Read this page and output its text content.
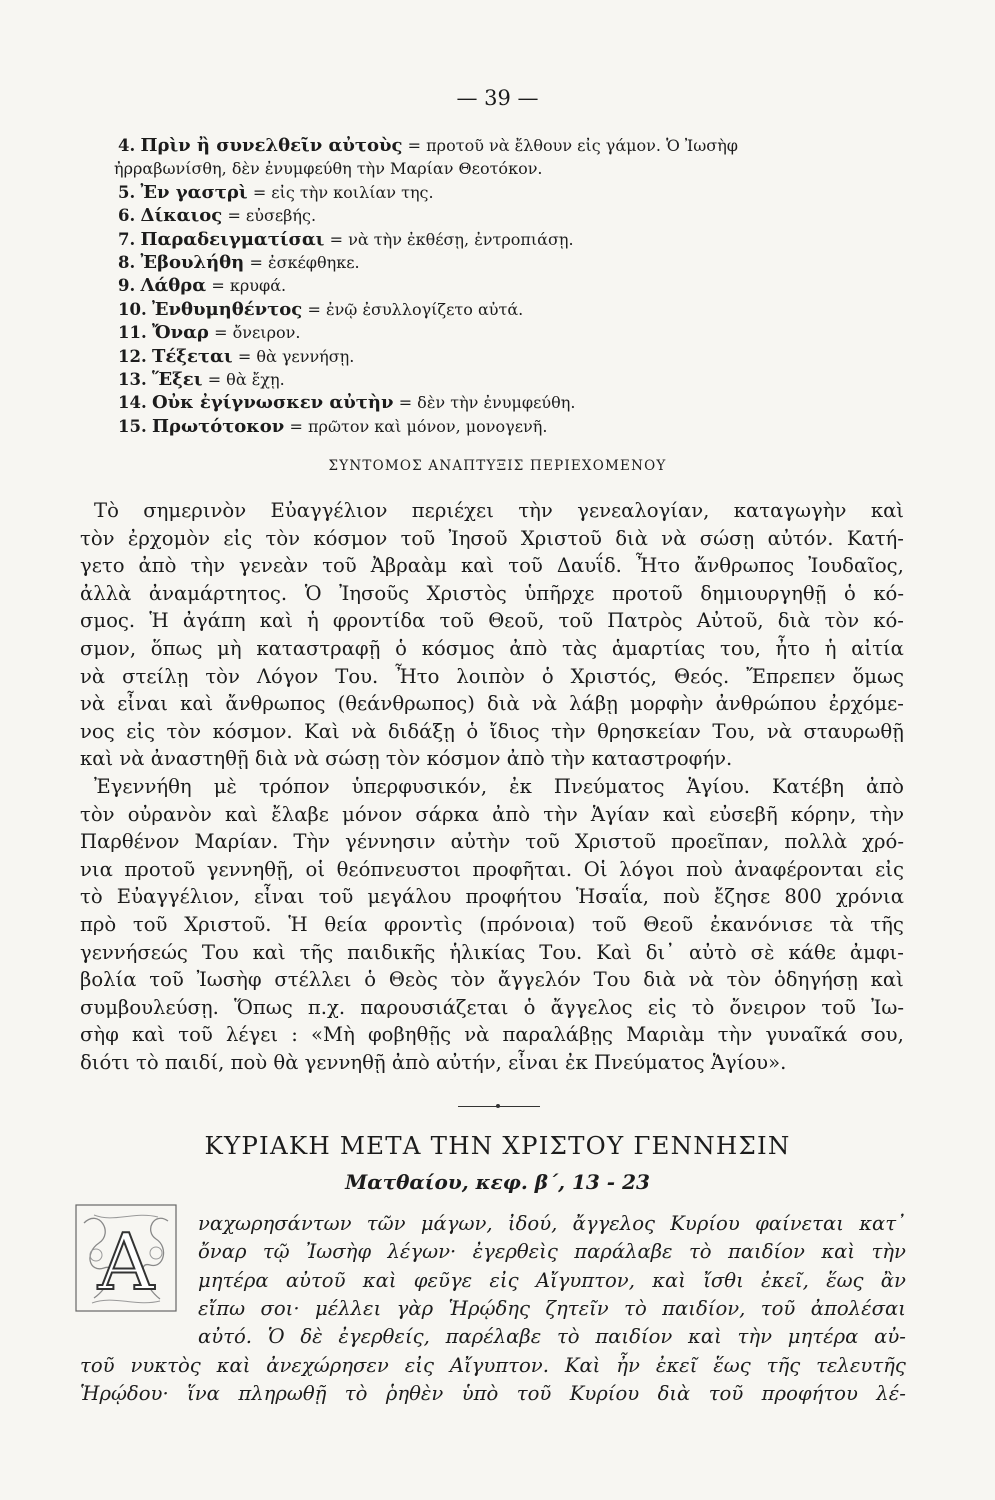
— 39 —
4. Πρὶν ἢ συνελθεῖν αὐτοὺς = προτοῦ νὰ ἔλθουν εἰς γάμον. Ὁ Ἰωσὴφ
ἠρραβωνίσθη, δὲν ἐνυμφεύθη τὴν Μαρίαν Θεοτόκον.
5. Ἐν γαστρὶ = εἰς τὴν κοιλίαν της.
6. Δίκαιος = εὐσεβής.
7. Παραδειγματίσαι = νὰ τὴν ἐκθέσῃ, ἐντροπιάσῃ.
8. Ἐβουλήθη = ἐσκέφθηκε.
9. Λάθρα = κρυφά.
10. Ἐνθυμηθέντος = ἐνῷ ἐσυλλογίζετο αὐτά.
11. Ὄναρ = ὄνειρον.
12. Τέξεται = θὰ γεννήσῃ.
13. Ἕξει = θὰ ἔχῃ.
14. Οὐκ ἐγίγνωσκεν αὐτὴν = δὲν τὴν ἐνυμφεύθη.
15. Πρωτότοκον = πρῶτον καὶ μόνον, μονογενῆ.
ΣΥΝΤΟΜΟΣ ΑΝΑΠΤΥΞΙΣ ΠΕΡΙΕΧΟΜΕΝΟΥ
Τὸ σημερινὸν Εὐαγγέλιον περιέχει τὴν γενεαλογίαν, καταγωγὴν καὶ
τὸν ἐρχομὸν εἰς τὸν κόσμον τοῦ Ἰησοῦ Χριστοῦ διὰ νὰ σώσῃ αὐτόν. Κατή-
γετο ἀπὸ τὴν γενεὰν τοῦ Ἀβραὰμ καὶ τοῦ Δαυΐδ. Ἦτο ἄνθρωπος Ἰουδαῖος,
ἀλλὰ ἀναμάρτητος. Ὁ Ἰησοῦς Χριστὸς ὑπῆρχε προτοῦ δημιουργηθῇ ὁ κό-
σμος. Ἡ ἀγάπη καὶ ἡ φροντίδα τοῦ Θεοῦ, τοῦ Πατρὸς Αὐτοῦ, διὰ τὸν κό-
σμον, ὅπως μὴ καταστραφῇ ὁ κόσμος ἀπὸ τὰς ἁμαρτίας του, ἦτο ἡ αἰτία
νὰ στείλῃ τὸν Λόγον Του. Ἦτο λοιπὸν ὁ Χριστός, Θεός. Ἔπρεπεν ὅμως
νὰ εἶναι καὶ ἄνθρωπος (θεάνθρωπος) διὰ νὰ λάβῃ μορφὴν ἀνθρώπου ἐρχόμε-
νος εἰς τὸν κόσμον. Καὶ νὰ διδάξῃ ὁ ἴδιος τὴν θρησκείαν Του, νὰ σταυρωθῇ
καὶ νὰ ἀναστηθῇ διὰ νὰ σώσῃ τὸν κόσμον ἀπὸ τὴν καταστροφήν.
Ἐγεννήθη μὲ τρόπον ὑπερφυσικόν, ἐκ Πνεύματος Ἁγίου. Κατέβη ἀπὸ
τὸν οὐρανὸν καὶ ἔλαβε μόνον σάρκα ἀπὸ τὴν Ἁγίαν καὶ εὐσεβῆ κόρην, τὴν
Παρθένον Μαρίαν. Τὴν γέννησιν αὐτὴν τοῦ Χριστοῦ προεῖπαν, πολλὰ χρό-
νια προτοῦ γεννηθῇ, οἱ θεόπνευστοι προφῆται. Οἱ λόγοι ποὺ ἀναφέρονται εἰς
τὸ Εὐαγγέλιον, εἶναι τοῦ μεγάλου προφήτου Ἡσαΐα, ποὺ ἔζησε 800 χρόνια
πρὸ τοῦ Χριστοῦ. Ἡ θεία φροντὶς (πρόνοια) τοῦ Θεοῦ ἐκανόνισε τὰ τῆς
γεννήσεώς Του καὶ τῆς παιδικῆς ἡλικίας Του. Καὶ δι᾽ αὐτὸ σὲ κάθε ἀμφι-
βολία τοῦ Ἰωσὴφ στέλλει ὁ Θεὸς τὸν ἄγγελόν Του διὰ νὰ τὸν ὁδηγήσῃ καὶ
συμβουλεύσῃ. Ὅπως π.χ. παρουσιάζεται ὁ ἄγγελος εἰς τὸ ὄνειρον τοῦ Ἰω-
σὴφ καὶ τοῦ λέγει : «Μὴ φοβηθῇς νὰ παραλάβῃς Μαριὰμ τὴν γυναῖκά σου,
διότι τὸ παιδί, ποὺ θὰ γεννηθῇ ἀπὸ αὐτήν, εἶναι ἐκ Πνεύματος Ἁγίου».
ΚΥΡΙΑΚΗ ΜΕΤΑ ΤΗΝ ΧΡΙΣΤΟΥ ΓΕΝΝΗΣΙΝ
Ματθαίου, κεφ. β΄, 13 - 23
Α ναχωρησάντων τῶν μάγων, ἰδού, ἄγγελος Κυρίου φαίνεται κατ᾽
ὄναρ τῷ Ἰωσὴφ λέγων· ἐγερθεὶς παράλαβε τὸ παιδίον καὶ τὴν
μητέρα αὐτοῦ καὶ φεῦγε εἰς Αἴγυπτον, καὶ ἴσθι ἐκεῖ, ἕως ἂν
εἴπω σοι· μέλλει γὰρ Ἡρῴδης ζητεῖν τὸ παιδίον, τοῦ ἀπολέσαι
αὐτό. Ὁ δὲ ἐγερθείς, παρέλαβε τὸ παιδίον καὶ τὴν μητέρα αὐ-
τοῦ νυκτὸς καὶ ἀνεχώρησεν εἰς Αἴγυπτον. Καὶ ἦν ἐκεῖ ἕως τῆς τελευτῆς
Ἡρῴδου· ἵνα πληρωθῇ τὸ ῥηθὲν ὑπὸ τοῦ Κυρίου διὰ τοῦ προφήτου λέ-
